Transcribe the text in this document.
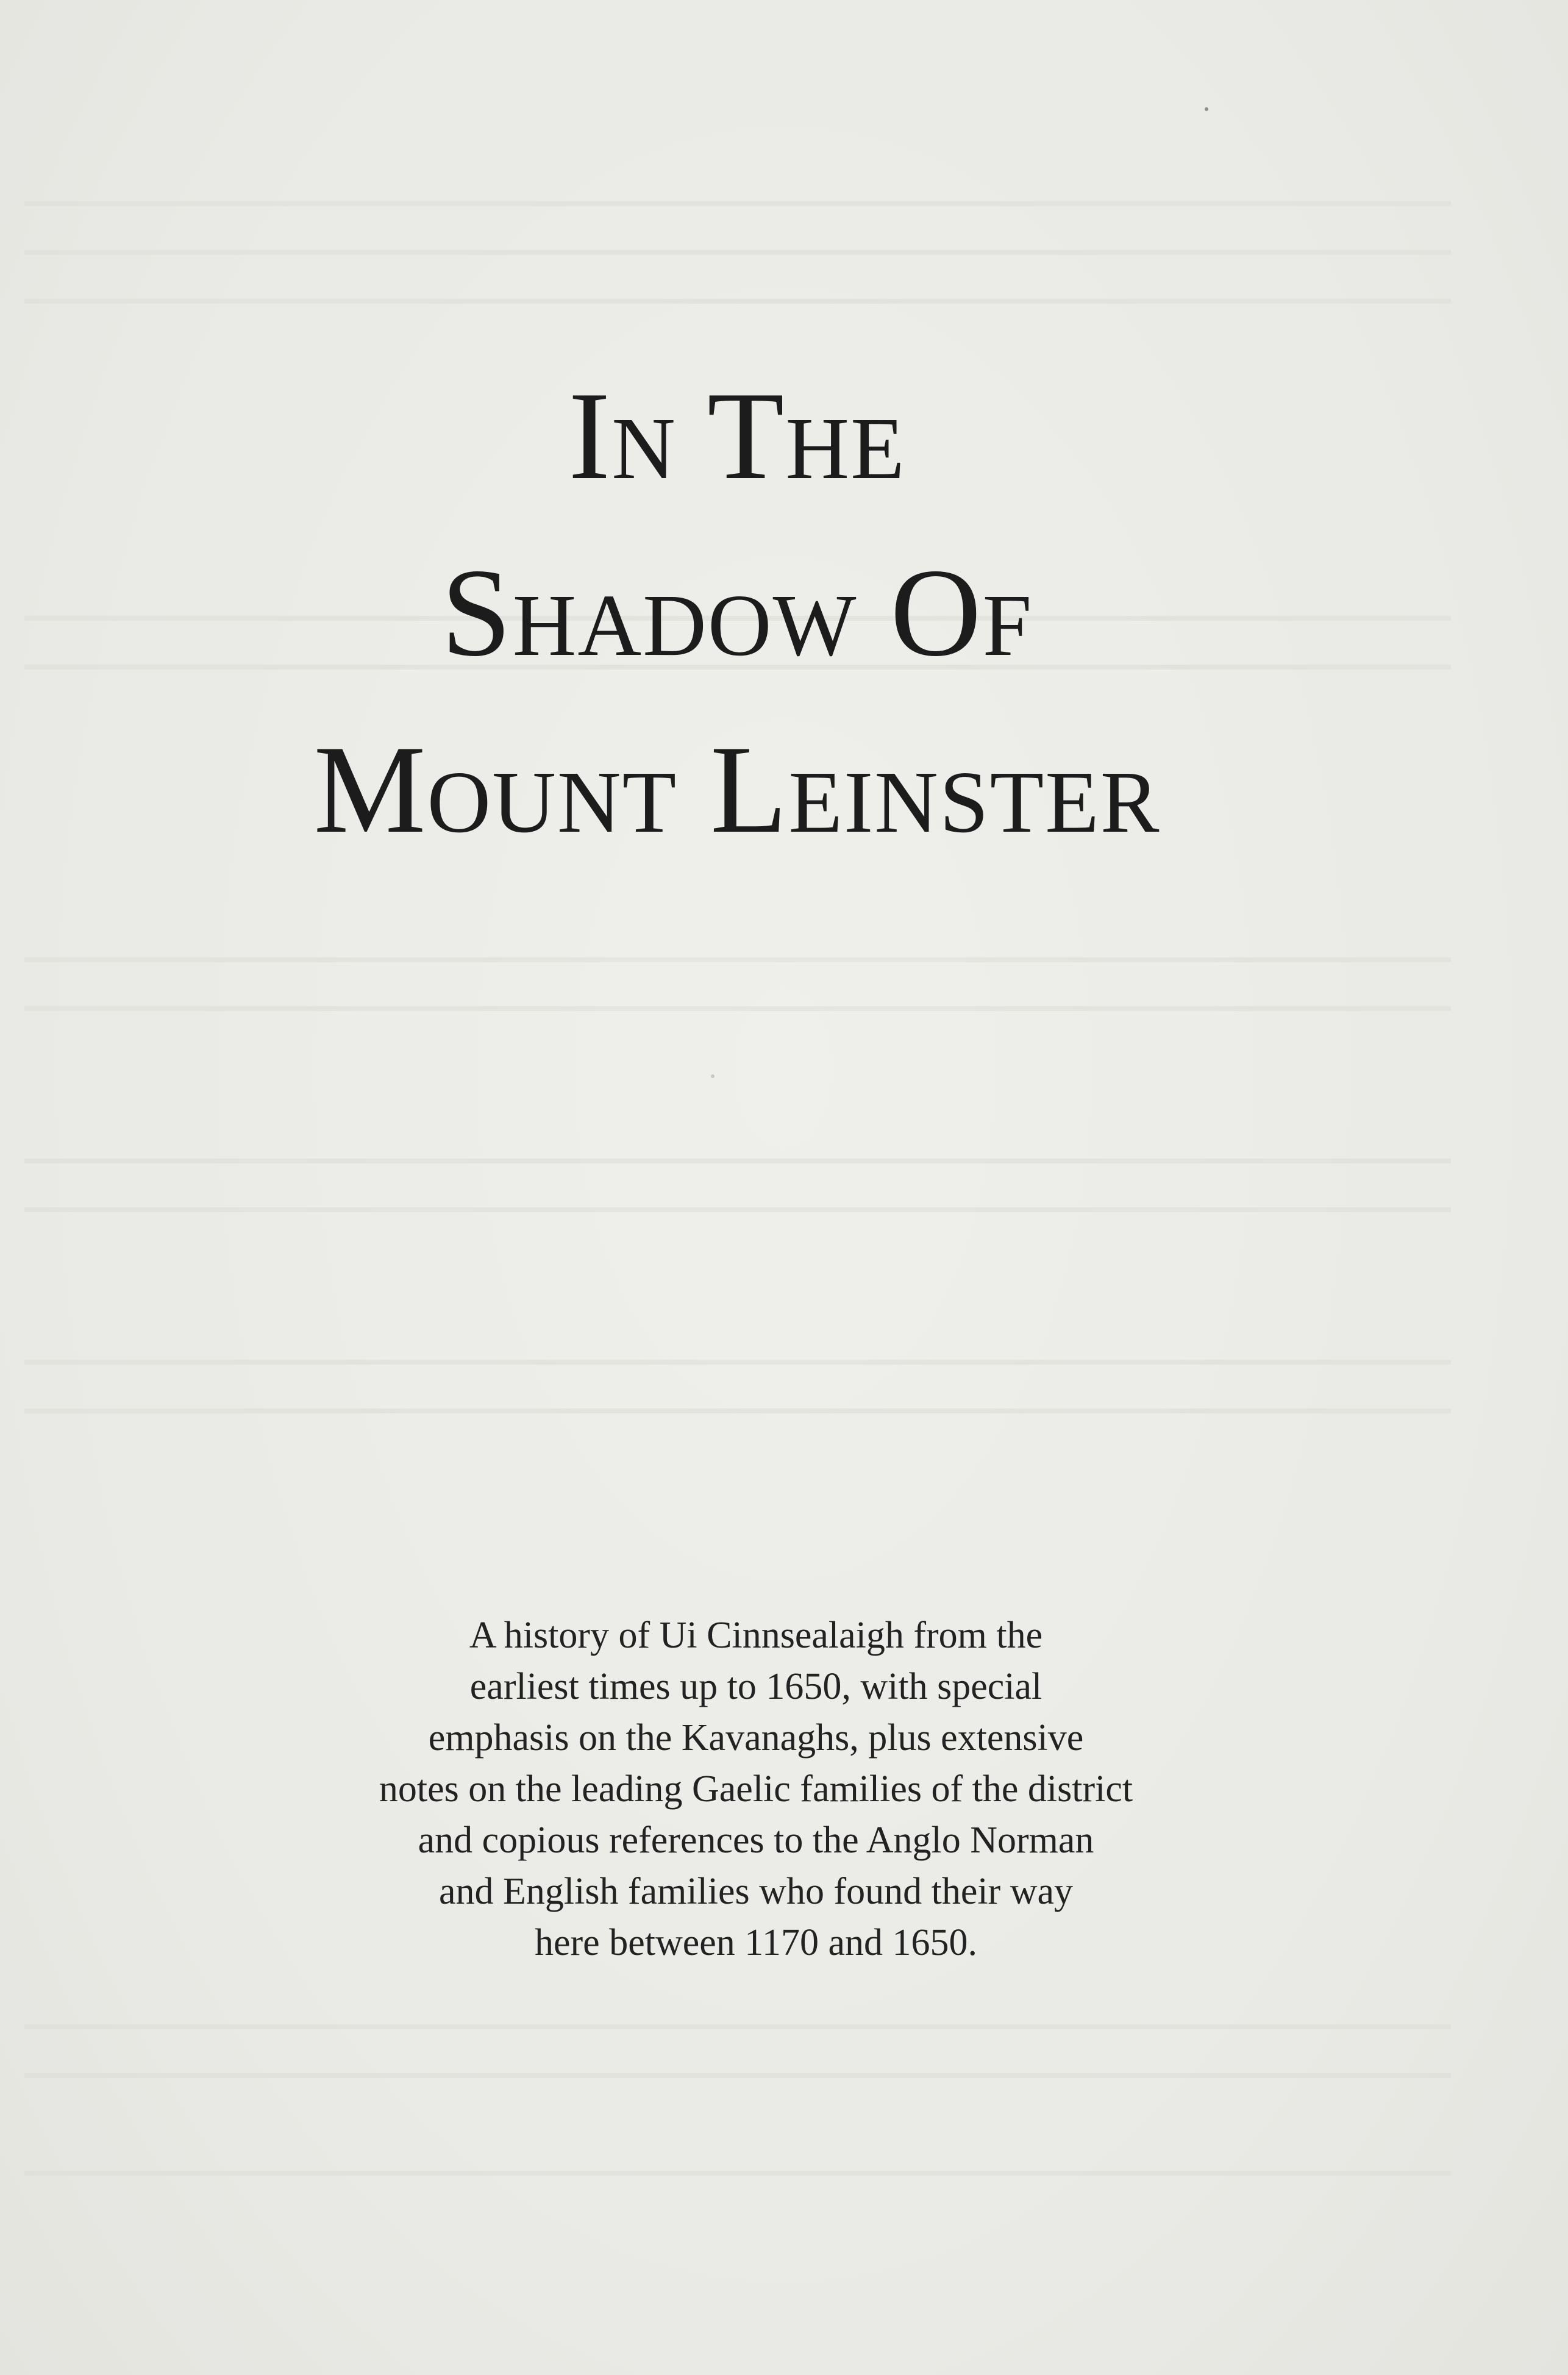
In The
Shadow Of
Mount Leinster
A history of Ui Cinnsealaigh from the
earliest times up to 1650, with special
emphasis on the Kavanaghs, plus extensive
notes on the leading Gaelic families of the district
and copious references to the Anglo Norman
and English families who found their way
here between 1170 and 1650.
